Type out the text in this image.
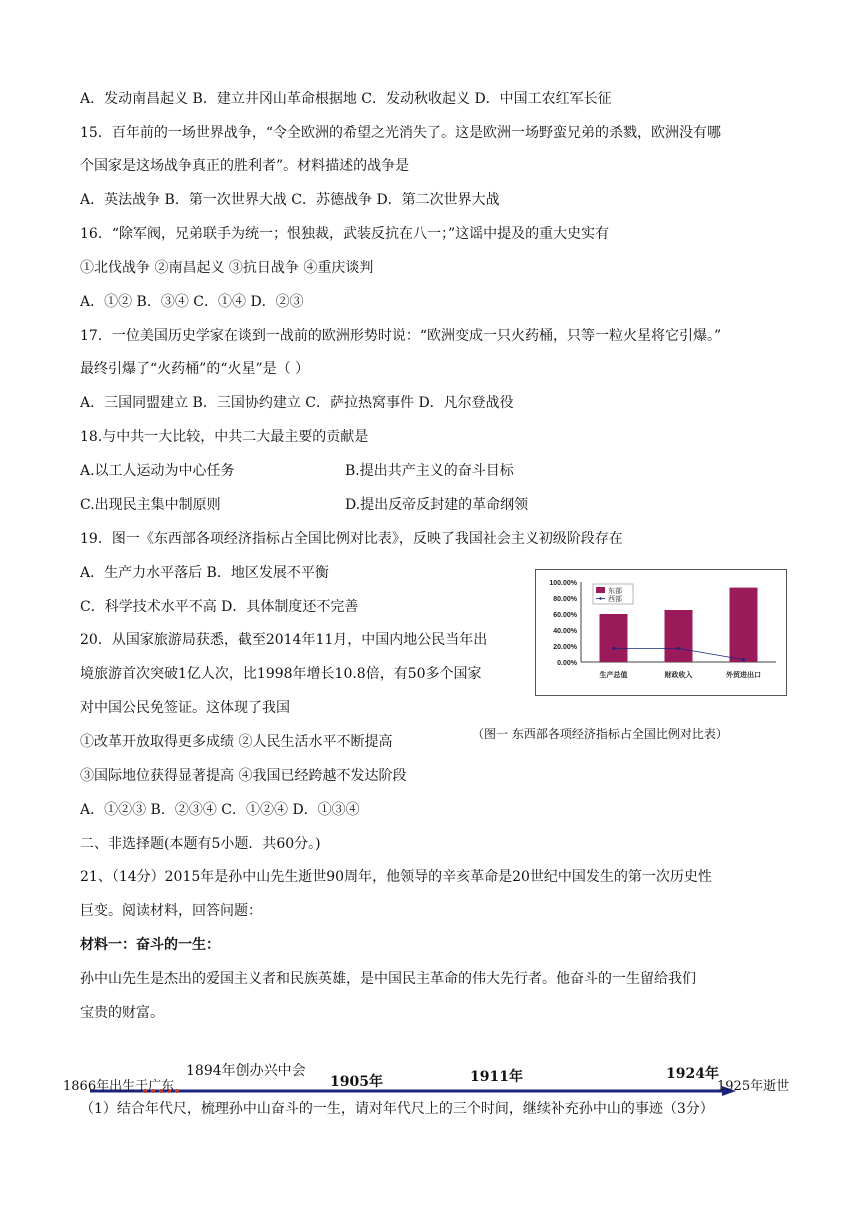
A．发动南昌起义 B．建立井冈山革命根据地 C．发动秋收起义 D．中国工农红军长征
15．百年前的一场世界战争，“令全欧洲的希望之光消失了。这是欧洲一场野蛮兄弟的杀戮，欧洲没有哪
个国家是这场战争真正的胜利者”。材料描述的战争是
A．英法战争 B．第一次世界大战 C．苏德战争 D．第二次世界大战
16．“除军阀，兄弟联手为统一；恨独裁，武装反抗在八一；”这谣中提及的重大史实有
①北伐战争 ②南昌起义 ③抗日战争 ④重庆谈判
A．①② B．③④ C．①④ D．②③
17．一位美国历史学家在谈到一战前的欧洲形势时说：“欧洲变成一只火药桶，只等一粒火星将它引爆。”
最终引爆了“火药桶”的“火星”是（ ）
A．三国同盟建立 B．三国协约建立 C．萨拉热窝事件 D．凡尔登战役
18.与中共一大比较，中共二大最主要的贡献是
A.以工人运动为中心任务	B.提出共产主义的奋斗目标
C.出现民主集中制原则	D.提出反帝反封建的革命纲领
19．图一《东西部各项经济指标占全国比例对比表》，反映了我国社会主义初级阶段存在
A．生产力水平落后 B．地区发展不平衡
C．科学技术水平不高 D．具体制度还不完善
20．从国家旅游局获悉，截至2014年11月，中国内地公民当年出
境旅游首次突破1亿人次，比1998年增长10.8倍，有50多个国家
对中国公民免签证。这体现了我国
①改革开放取得更多成绩 ②人民生活水平不断提高
③国际地位获得显著提高 ④我国已经跨越不发达阶段
A．①②③ B．②③④ C．①②④ D．①③④
0.00%
20.00%
40.00%
60.00%
80.00%
100.00%
生产总值	财政收入	外贸进出口
东部
西部
（图一 东西部各项经济指标占全国比例对比表）
二、非选择题(本题有5小题．共60分。)
21、（14分）2015年是孙中山先生逝世90周年，他领导的辛亥革命是20世纪中国发生的第一次历史性
巨变。阅读材料，回答问题：
材料一：奋斗的一生：
孙中山先生是杰出的爱国主义者和民族英雄，是中国民主革命的伟大先行者。他奋斗的一生留给我们
宝贵的财富。
1866年出生于广东
1894年创办兴中会
1905年	1911年	1924年
1925年逝世
（1）结合年代尺，梳理孙中山奋斗的一生，请对年代尺上的三个时间，继续补充孙中山的事迹（3分）
